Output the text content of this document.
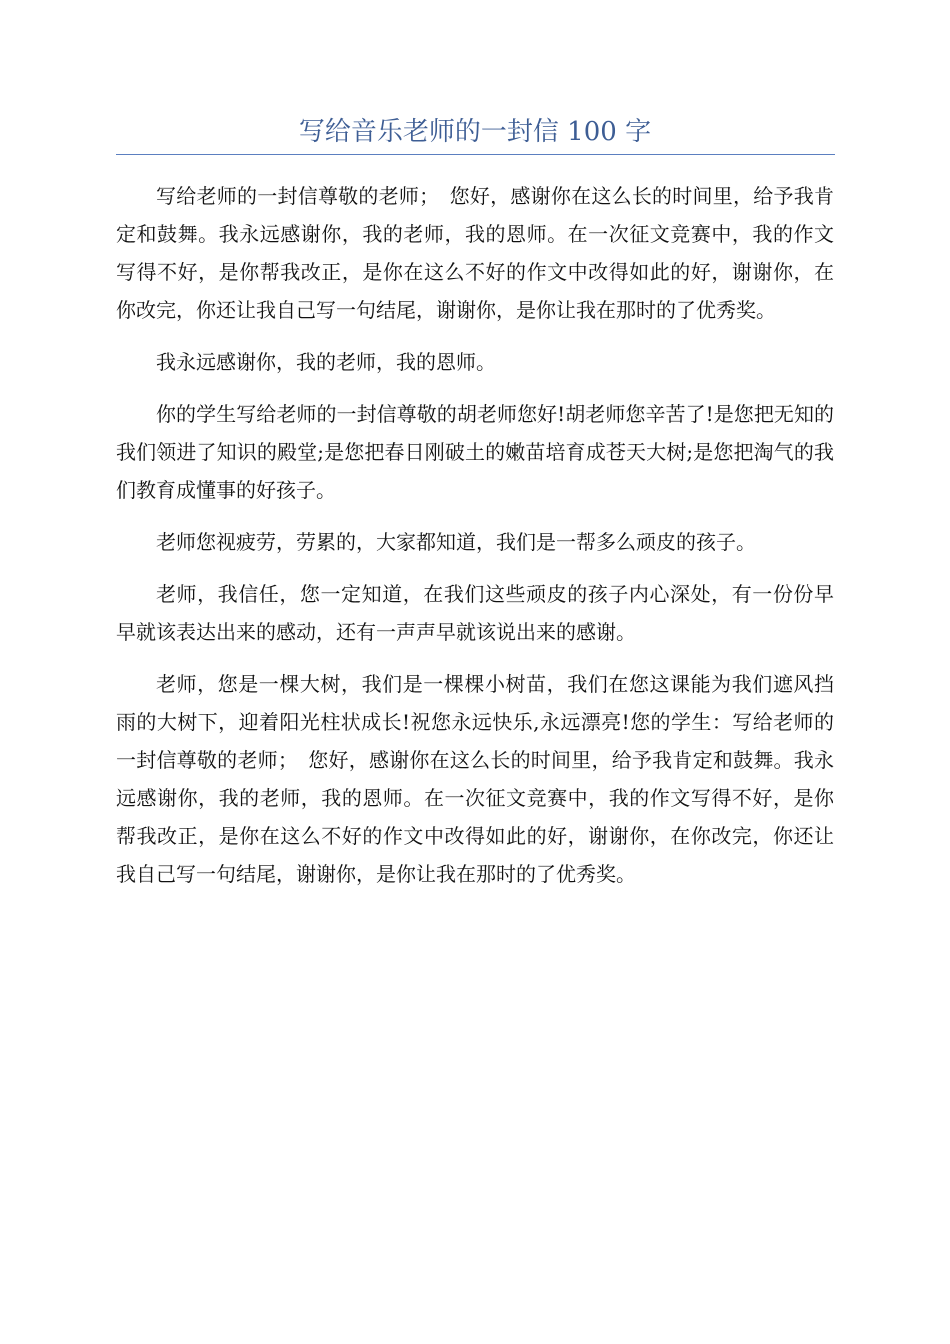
写给音乐老师的一封信 100 字

写给老师的一封信尊敬的老师；　您好，感谢你在这么长的时间里，给予我肯定和鼓舞。我永远感谢你，我的老师，我的恩师。在一次征文竞赛中，我的作文写得不好，是你帮我改正，是你在这么不好的作文中改得如此的好，谢谢你，在你改完，你还让我自己写一句结尾，谢谢你，是你让我在那时的了优秀奖。

我永远感谢你，我的老师，我的恩师。

你的学生写给老师的一封信尊敬的胡老师您好!胡老师您辛苦了!是您把无知的我们领进了知识的殿堂;是您把春日刚破土的嫩苗培育成苍天大树;是您把淘气的我们教育成懂事的好孩子。

老师您视疲劳，劳累的，大家都知道，我们是一帮多么顽皮的孩子。

老师，我信任，您一定知道，在我们这些顽皮的孩子内心深处，有一份份早早就该表达出来的感动，还有一声声早就该说出来的感谢。

老师，您是一棵大树，我们是一棵棵小树苗，我们在您这课能为我们遮风挡雨的大树下，迎着阳光柱状成长!祝您永远快乐,永远漂亮!您的学生：写给老师的一封信尊敬的老师；　您好，感谢你在这么长的时间里，给予我肯定和鼓舞。我永远感谢你，我的老师，我的恩师。在一次征文竞赛中，我的作文写得不好，是你帮我改正，是你在这么不好的作文中改得如此的好，谢谢你，在你改完，你还让我自己写一句结尾，谢谢你，是你让我在那时的了优秀奖。
